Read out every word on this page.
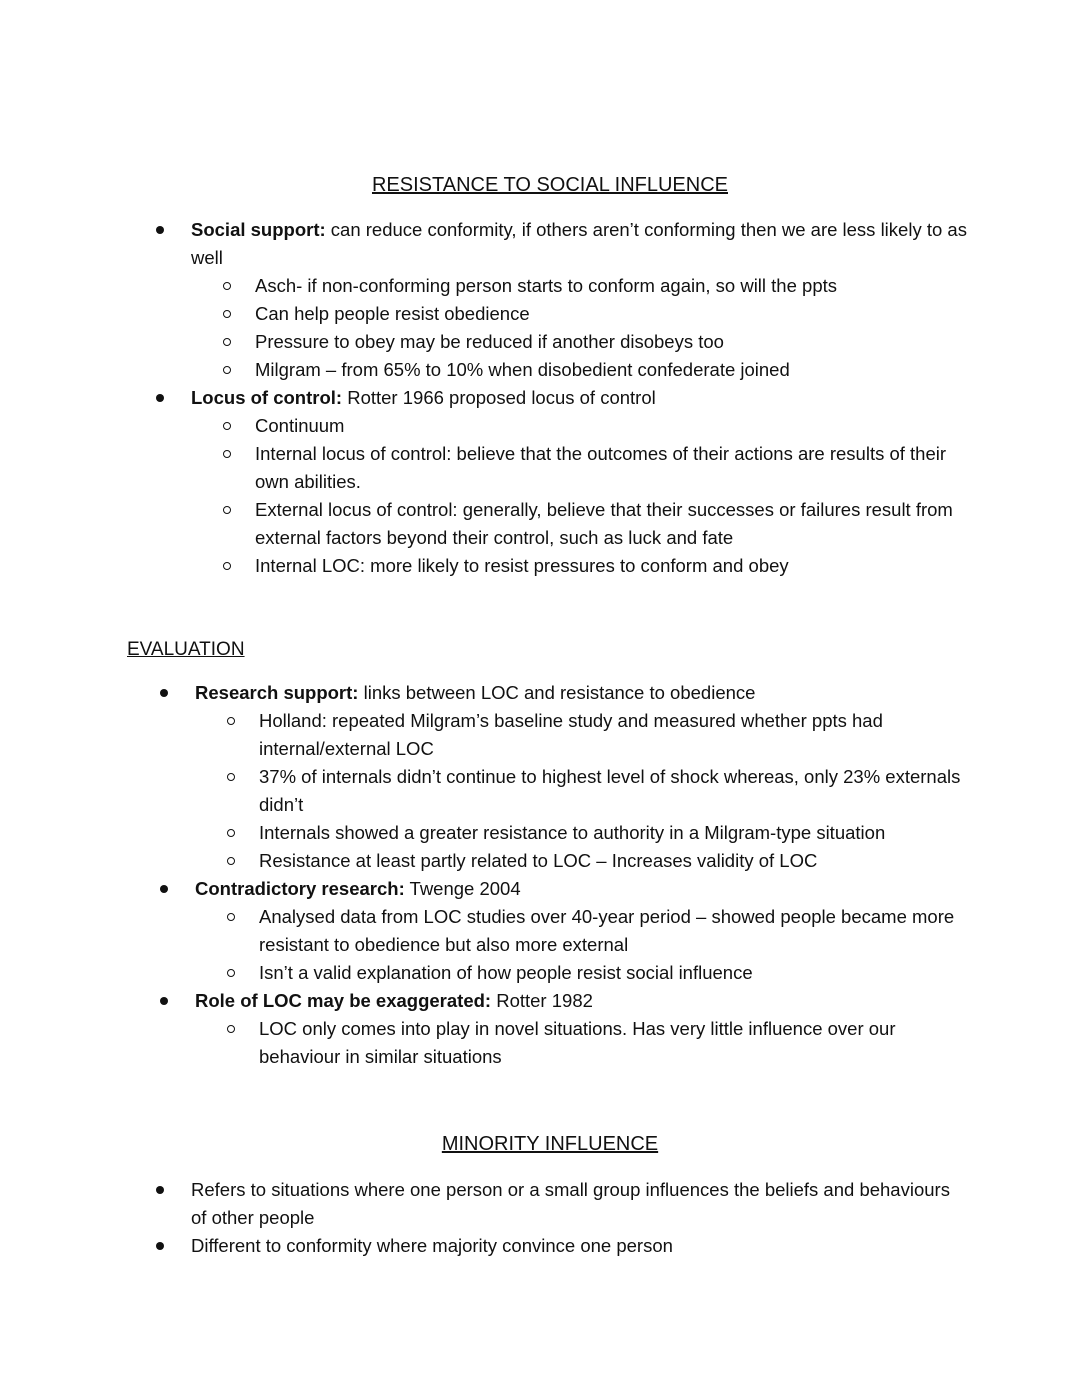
RESISTANCE TO SOCIAL INFLUENCE
Social support: can reduce conformity, if others aren’t conforming then we are less likely to as well
Asch- if non-conforming person starts to conform again, so will the ppts
Can help people resist obedience
Pressure to obey may be reduced if another disobeys too
Milgram – from 65% to 10% when disobedient confederate joined
Locus of control: Rotter 1966 proposed locus of control
Continuum
Internal locus of control: believe that the outcomes of their actions are results of their own abilities.
External locus of control: generally, believe that their successes or failures result from external factors beyond their control, such as luck and fate
Internal LOC: more likely to resist pressures to conform and obey
EVALUATION
Research support: links between LOC and resistance to obedience
Holland: repeated Milgram’s baseline study and measured whether ppts had internal/external LOC
37% of internals didn’t continue to highest level of shock whereas, only 23% externals didn’t
Internals showed a greater resistance to authority in a Milgram-type situation
Resistance at least partly related to LOC – Increases validity of LOC
Contradictory research: Twenge 2004
Analysed data from LOC studies over 40-year period – showed people became more resistant to obedience but also more external
Isn’t a valid explanation of how people resist social influence
Role of LOC may be exaggerated: Rotter 1982
LOC only comes into play in novel situations. Has very little influence over our behaviour in similar situations
MINORITY INFLUENCE
Refers to situations where one person or a small group influences the beliefs and behaviours of other people
Different to conformity where majority convince one person
